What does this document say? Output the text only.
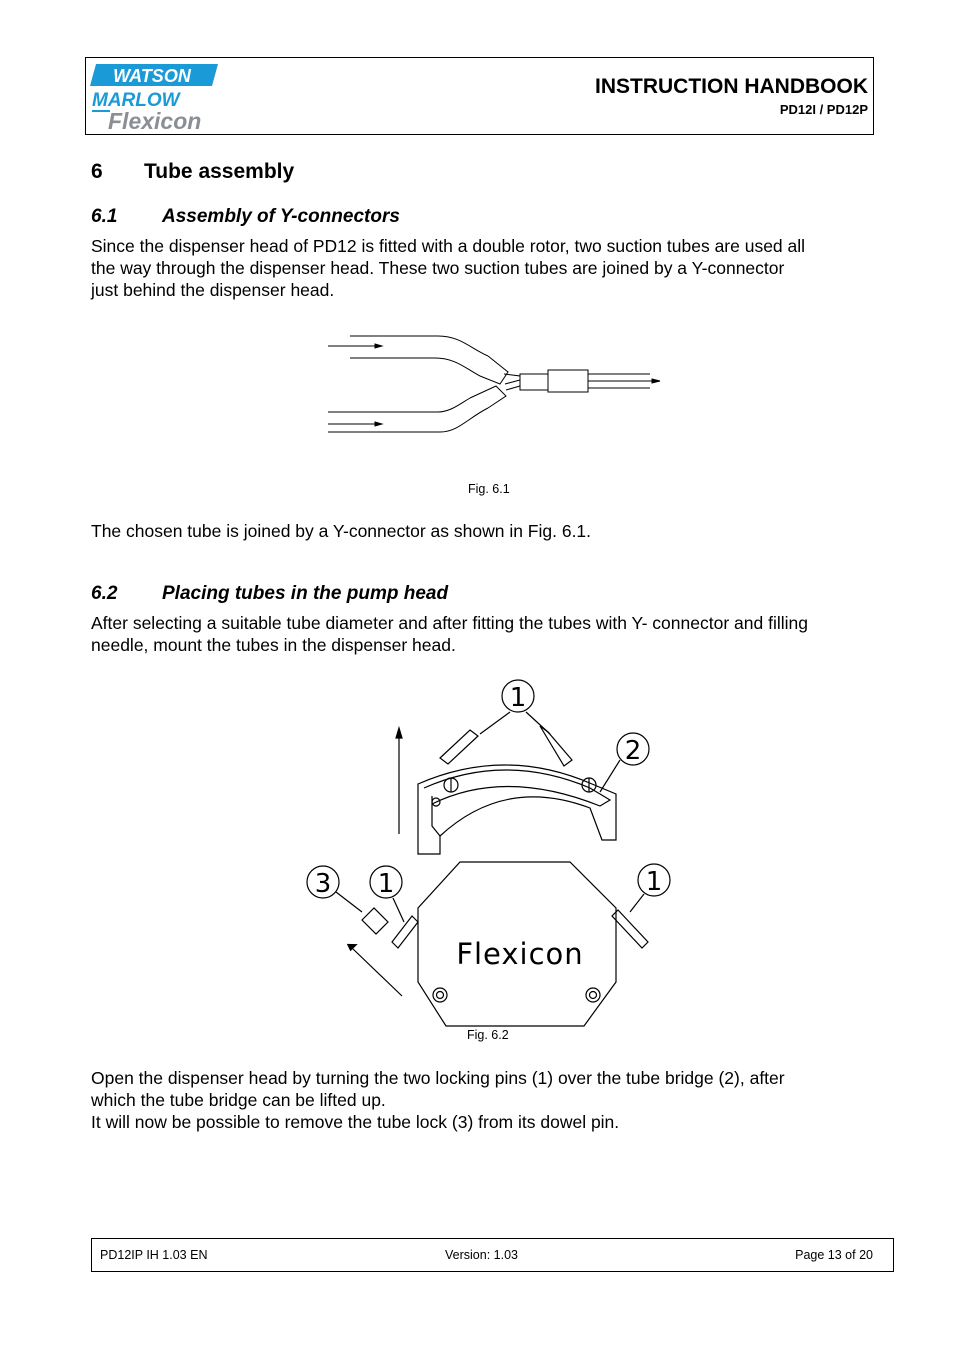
WATSON
MARLOW
Flexicon
INSTRUCTION HANDBOOK
PD12I / PD12P
6 Tube assembly
6.1 Assembly of Y-connectors
Since the dispenser head of PD12 is fitted with a double rotor, two suction tubes are used all
the way through the dispenser head. These two suction tubes are joined by a Y-connector
just behind the dispenser head.
Fig. 6.1
The chosen tube is joined by a Y-connector as shown in Fig. 6.1.
6.2 Placing tubes in the pump head
After selecting a suitable tube diameter and after fitting the tubes with Y- connector and filling
needle, mount the tubes in the dispenser head.
1
2
3 1	1
Flexicon
Fig. 6.2
Open the dispenser head by turning the two locking pins (1) over the tube bridge (2), after
which the tube bridge can be lifted up.
It will now be possible to remove the tube lock (3) from its dowel pin.
PD12IP IH 1.03 EN	Version: 1.03	Page 13 of 20
